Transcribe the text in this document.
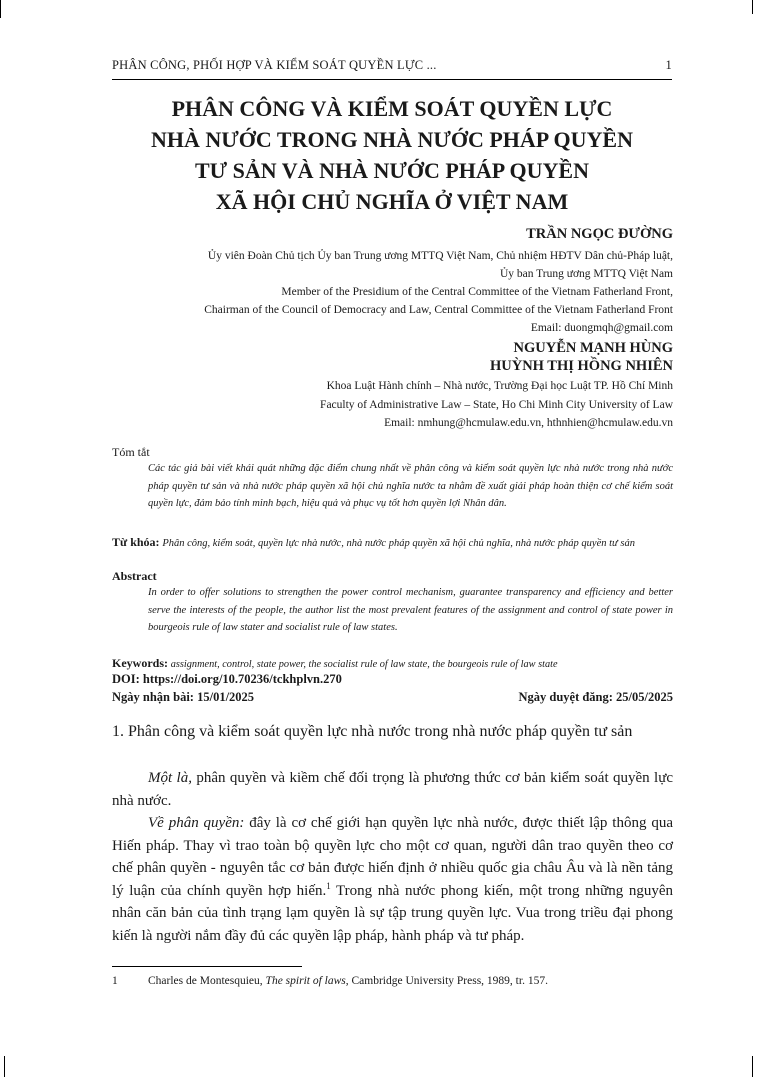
PHÂN CÔNG, PHỐI HỢP VÀ KIỂM SOÁT QUYỀN LỰC ...	1
PHÂN CÔNG VÀ KIỂM SOÁT QUYỀN LỰC
NHÀ NƯỚC TRONG NHÀ NƯỚC PHÁP QUYỀN
TƯ SẢN VÀ NHÀ NƯỚC PHÁP QUYỀN
XÃ HỘI CHỦ NGHĨA Ở VIỆT NAM
TRẦN NGỌC ĐƯỜNG
Ủy viên Đoàn Chủ tịch Ủy ban Trung ương MTTQ Việt Nam, Chủ nhiệm HĐTV Dân chủ-Pháp luật,
Ủy ban Trung ương MTTQ Việt Nam
Member of the Presidium of the Central Committee of the Vietnam Fatherland Front,
Chairman of the Council of Democracy and Law, Central Committee of the Vietnam Fatherland Front
Email: duongmqh@gmail.com
NGUYỄN MẠNH HÙNG
HUỲNH THỊ HỒNG NHIÊN
Khoa Luật Hành chính – Nhà nước, Trường Đại học Luật TP. Hồ Chí Minh
Faculty of Administrative Law – State, Ho Chi Minh City University of Law
Email: nmhung@hcmulaw.edu.vn, hthnhien@hcmulaw.edu.vn
Tóm tắt
Các tác giả bài viết khái quát những đặc điểm chung nhất về phân công và kiểm soát quyền lực nhà nước trong nhà nước pháp quyền tư sản và nhà nước pháp quyền xã hội chủ nghĩa nước ta nhằm đề xuất giải pháp hoàn thiện cơ chế kiểm soát quyền lực, đảm bảo tính minh bạch, hiệu quả và phục vụ tốt hơn quyền lợi Nhân dân.
Từ khóa: Phân công, kiểm soát, quyền lực nhà nước, nhà nước pháp quyền xã hội chủ nghĩa, nhà nước pháp quyền tư sản
Abstract
In order to offer solutions to strengthen the power control mechanism, guarantee transparency and efficiency and better serve the interests of the people, the author list the most prevalent features of the assignment and control of state power in bourgeois rule of law stater and socialist rule of law states.
Keywords: assignment, control, state power, the socialist rule of law state, the bourgeois rule of law state
DOI: https://doi.org/10.70236/tckhplvn.270
Ngày nhận bài: 15/01/2025	Ngày duyệt đăng: 25/05/2025
1. Phân công và kiểm soát quyền lực nhà nước trong nhà nước pháp quyền tư sản
Một là, phân quyền và kiềm chế đối trọng là phương thức cơ bản kiểm soát quyền lực nhà nước.
Về phân quyền: đây là cơ chế giới hạn quyền lực nhà nước, được thiết lập thông qua Hiến pháp. Thay vì trao toàn bộ quyền lực cho một cơ quan, người dân trao quyền theo cơ chế phân quyền - nguyên tắc cơ bản được hiến định ở nhiều quốc gia châu Âu và là nền tảng lý luận của chính quyền hợp hiến.$^1$ Trong nhà nước phong kiến, một trong những nguyên nhân căn bản của tình trạng lạm quyền là sự tập trung quyền lực. Vua trong triều đại phong kiến là người nắm đầy đủ các quyền lập pháp, hành pháp và tư pháp.
1	Charles de Montesquieu, The spirit of laws, Cambridge University Press, 1989, tr. 157.
